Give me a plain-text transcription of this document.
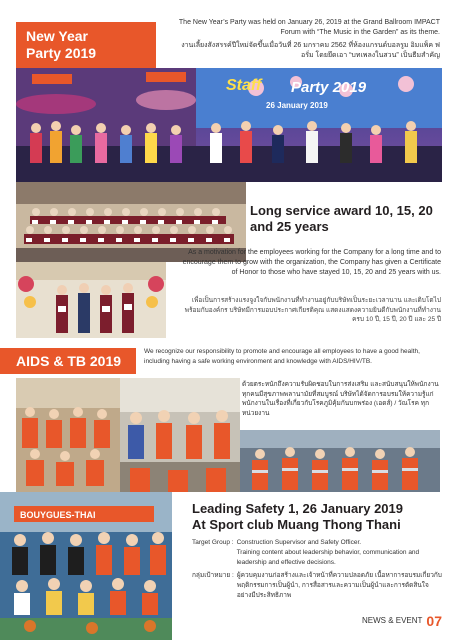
New Year
Party 2019

The New Year’s Party was held on January 26, 2019 at the Grand Ballroom IMPACT Forum with “The Music in the Garden” as its theme.

งานเลี้ยงสังสรรค์ปีใหม่จัดขึ้นเมื่อวันที่ 26 มกราคม 2562 ที่ห้องแกรนด์บอลรูม อิมแพ็ค ฟอรั่ม โดยยึดเอา “บทเพลงในสวน” เป็นธีมสำคัญ

Staff Party 2019
26 January 2019
Long service award 10, 15, 20 and 25 years
As a motivation for the employees working for the Company for a long time and to encourage them to grow with the organization, the Company has given a Certificate of Honor to those who have stayed 10, 15, 20 and 25 years with us.
เพื่อเป็นการสร้างแรงจูงใจกับพนักงานที่ทำงานอยู่กับบริษัทเป็นระยะเวลานาน และเติบโตไปพร้อมกับองค์กร บริษัทมีการมอบประกาศเกียรติคุณ แสดงแสดงความยินดีกับพนักงานที่ทำงานครบ 10 ปี, 15 ปี, 20 ปี และ 25 ปี
AIDS & TB 2019
We recognize our responsibility to promote and encourage all employees to have a good health, including having a safe working environment and knowledge with AIDS/HIV/TB.
ด้วยตระหนักถึงความรับผิดชอบในการส่งเสริม และสนับสนุนให้พนักงานทุกคนมีสุขภาพพลานามัยที่สมบูรณ์ บริษัทได้จัดการอบรมให้ความรู้แก่พนักงานในเรื่องที่เกี่ยวกับโรคภูมิคุ้มกันบกพร่อง (เอดส์) / วัณโรค ทุกหน่วยงาน
BOUYGUES-THAI	Leading Safety 1, 26 January 2019
At Sport club Muang Thong Thani
Target Group : Construction Supervisor and Safety Officer.
Training content about leadership behavior, communication and leadership and effective decisions.
กลุ่มเป้าหมาย : ผู้ควบคุมงานก่อสร้างและเจ้าหน้าที่ความปลอดภัย เนื้อหาการอบรมเกี่ยวกับพฤติกรรมการเป็นผู้นำ, การสื่อสารและความเป็นผู้นำและการตัดสินใจอย่างมีประสิทธิภาพ
NEWS & EVENT 07
